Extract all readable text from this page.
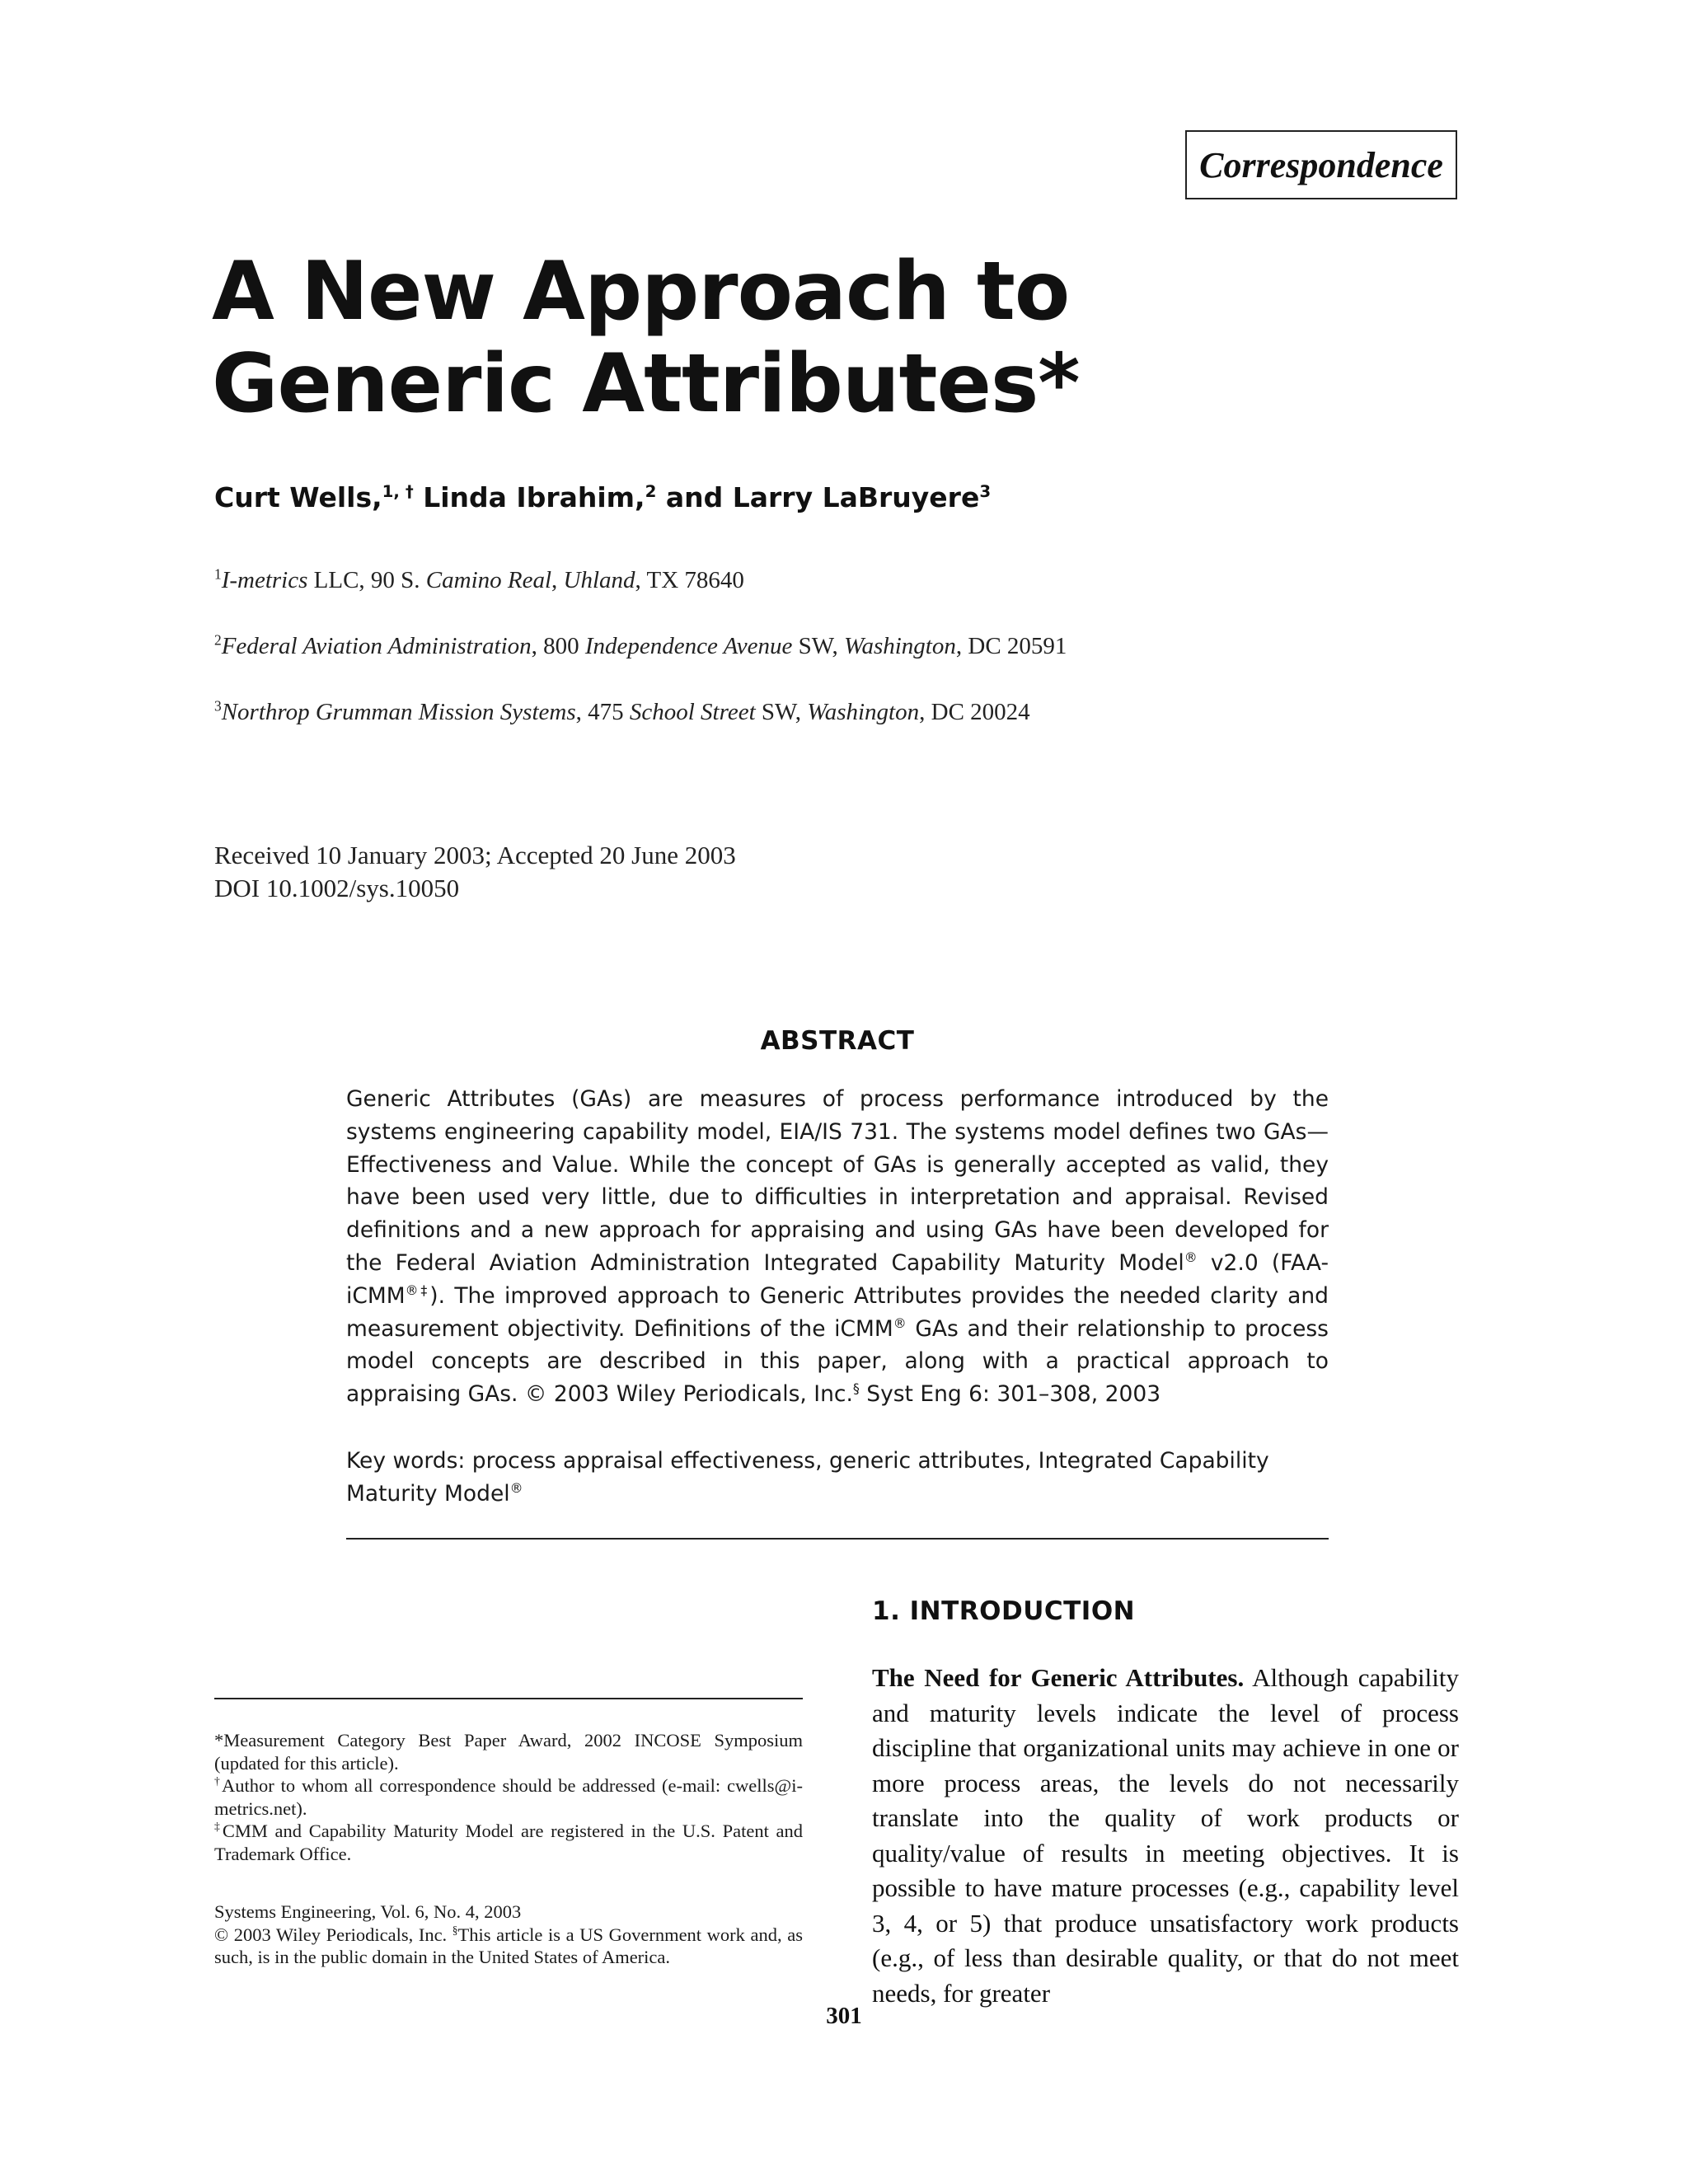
Correspondence
A New Approach to
Generic Attributes*
Curt Wells,$^{1, \dagger}$ Linda Ibrahim,$^2$ and Larry LaBruyere$^3$
$^1$I-metrics LLC, 90 S. Camino Real, Uhland, TX 78640
$^2$Federal Aviation Administration, 800 Independence Avenue SW, Washington, DC 20591
$^3$Northrop Grumman Mission Systems, 475 School Street SW, Washington, DC 20024
Received 10 January 2003; Accepted 20 June 2003
DOI 10.1002/sys.10050
ABSTRACT
Generic Attributes (GAs) are measures of process performance introduced by the systems engineering capability model, EIA/IS 731. The systems model defines two GAs—Effectiveness and Value. While the concept of GAs is generally accepted as valid, they have been used very little, due to difficulties in interpretation and appraisal. Revised definitions and a new approach for appraising and using GAs have been developed for the Federal Aviation Administration Integrated Capability Maturity Model® v2.0 (FAA-iCMM®‡). The improved approach to Generic Attributes provides the needed clarity and measurement objectivity. Definitions of the iCMM® GAs and their relationship to process model concepts are described in this paper, along with a practical approach to appraising GAs. © 2003 Wiley Periodicals, Inc.§ Syst Eng 6: 301–308, 2003
Key words: process appraisal effectiveness, generic attributes, Integrated Capability Maturity Model®
1. INTRODUCTION
The Need for Generic Attributes. Although capability and maturity levels indicate the level of process discipline that organizational units may achieve in one or more process areas, the levels do not necessarily translate into the quality of work products or quality/value of results in meeting objectives. It is possible to have mature processes (e.g., capability level 3, 4, or 5) that produce unsatisfactory work products (e.g., of less than desirable quality, or that do not meet needs, for greater

*Measurement Category Best Paper Award, 2002 INCOSE Symposium (updated for this article).

†Author to whom all correspondence should be addressed (e-mail: cwells@i-metrics.net).

‡CMM and Capability Maturity Model are registered in the U.S. Patent and Trademark Office.

Systems Engineering, Vol. 6, No. 4, 2003

© 2003 Wiley Periodicals, Inc. §This article is a US Government work and, as such, is in the public domain in the United States of America.

301
